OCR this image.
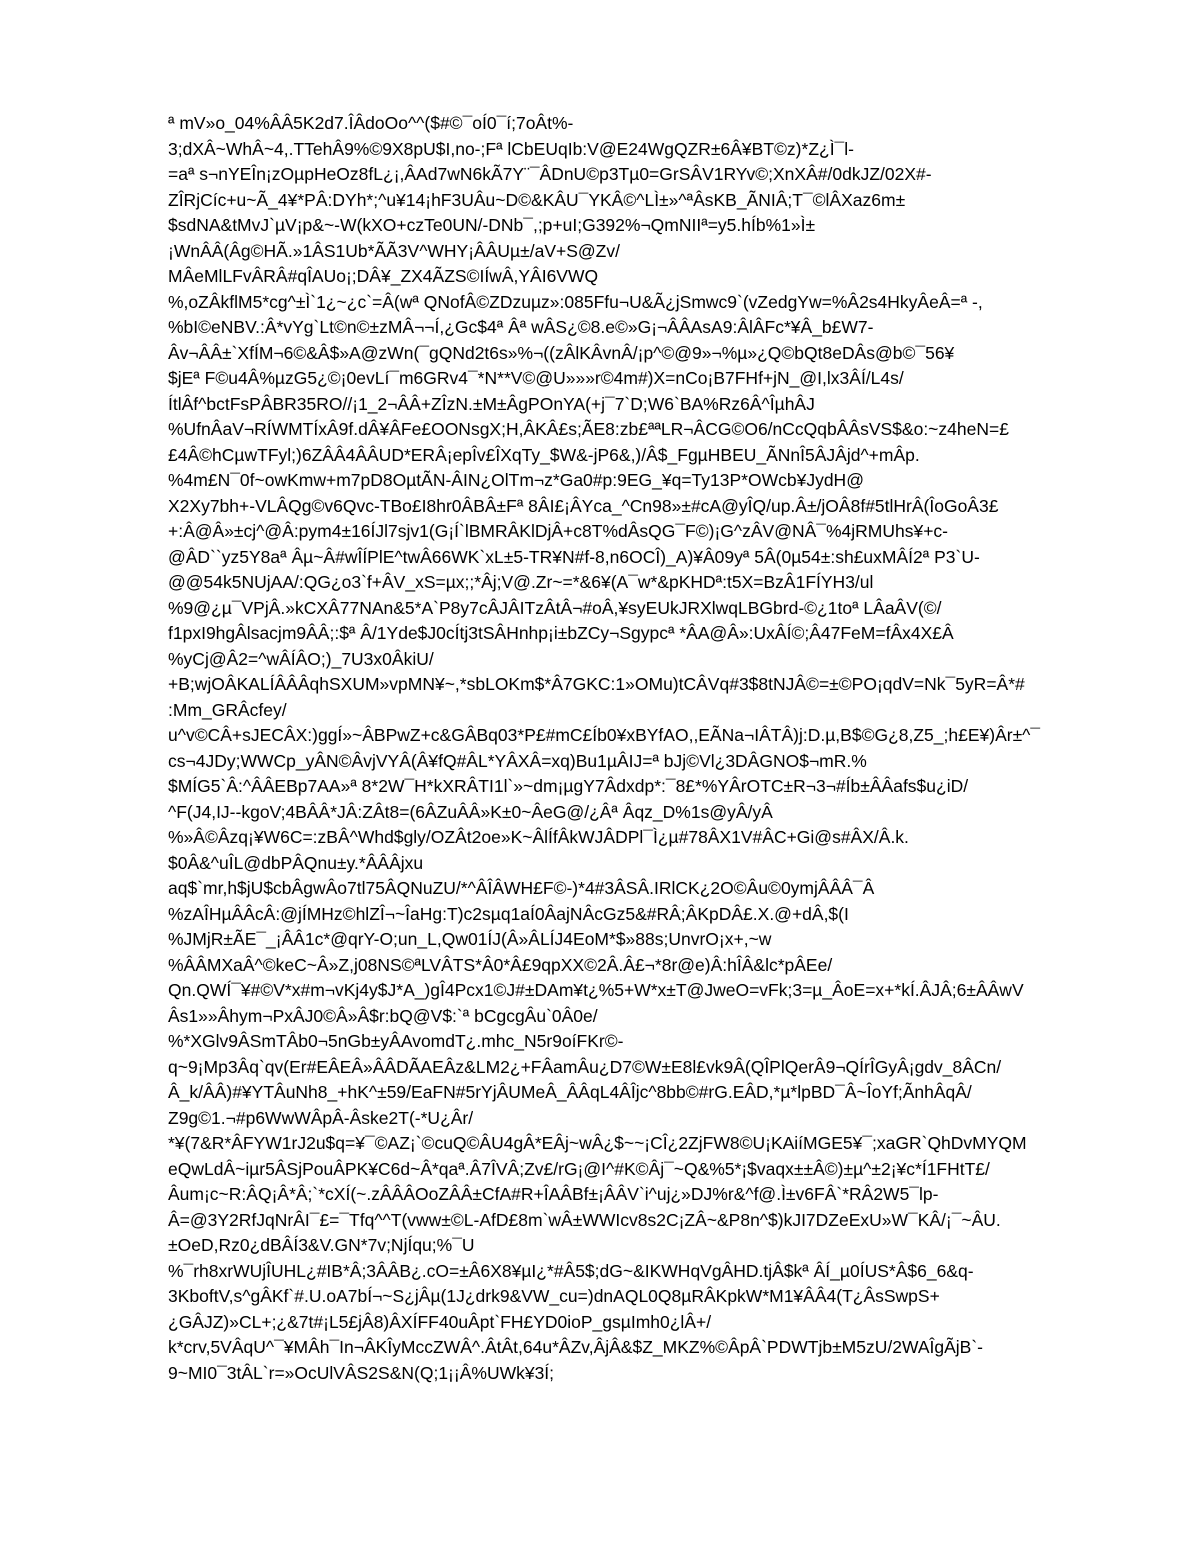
ª mV»o_04%ÂÂ5K2d7.ÎÂdoOo^^($#©¯oÍ0¯í;7oÂt%-
3;dXÂ~WhÂ~4,.TTehÂ9%©9X8pU$I,no-;Fª lCbEUqIb:V@E24WgQZR±6Â¥BT©z)*Z¿Ì¯l-
=aª s¬nYEÎn¡zOµpHeOz8fL¿¡,ÂAd7wN6kÃ7Y¨¯ÂDnU©p3Tµ0=GrSÂV1RYv©;XnXÂ#/0dkJZ/02X#-
ZÎRjCíc+u~Ã_4¥*PÂ:DYh*;^u¥14¡hF3UÂu~D©&KÂU¯YKÂ©^LÌ±»^ªÂsKB_ÃNIÂ;T¯©lÂXaz6m±
$sdNA&tMvJ`µV¡p&~-W(kXO+czTe0UN/-DNb¯,;p+uI;G392%¬QmNIIª=y5.hÍb%1»Ì±
¡WnÂÂ(Âg©HÃ.»1ÂS1Ub*ÃÃ3V^WHY¡ÂÂUµ±/aV+S@Zv/
MÂeMlLFvÂRÂ#qÎAUo¡;DÂ¥_ZX4ÃZS©IÍwÂ,YÂI6VWQ
%,oZÂkflM5*cg^±Ì`1¿~¿c`=Â(wª QNofÂ©ZDzuµz»:085Ffu¬U&Ã¿jSmwc9`(vZedgYw=%Â2s4HkyÂeÂ=ª -,
%bI©eNBV.:Â*vYg`Lt©n©±zMÂ¬¬Í,¿Gc$4ª Âª wÂS¿©8.e©»G¡¬ÂÂAsA9:ÂlÂFc*¥Â_b£W7-
Âv¬ÂÂ±`XfÍM¬6©&Â$»A@zWn(¯gQNd2t6s»%¬((zÂlKÂvnÂ/¡p^©@9»¬%µ»¿Q©bQt8eDÂs@b©¯56¥
$jEª F©u4Â%µzG5¿©¡0evLí¯m6GRv4¯*N**V©@U»»»r©4m#)X=nCo¡B7FHf+jN_@I,lx3ÂÍ/L4s/
ÍtlÂf^bctFsPÂBR35RO//¡1_2¬ÂÂ+ZÎzN.±M±ÂgPOnYA(+j¯7`D;W6`BA%Rz6Â^ÎµhÂJ
%UfnÂaV¬RÍWMTÍxÂ9f.dÂ¥ÂFe£OONsgX;H,ÂKÂ£s;ÃE8:zb£ªªLR¬ÂCG©O6/nCcQqbÂÂsVS$&o:~z4heN=£
£4Â©hCµwTFyl;)6ZÂÂ4ÂÂUD*ERÂ¡epÎv£ÎXqTy_$W&-jP6&,)/Â$_FgµHBEU_ÃNnÎ5ÂJÂjd^+mÂp.
%4m£N¯0f~owKmw+m7pD8OµtÃN-ÂIN¿OlTm¬z*Ga0#p:9EG_¥q=Ty13P*OWcb¥JydH@
X2Xy7bh+-VLÂQg©v6Qvc-TBo£I8hr0ÂBÂ±Fª 8ÂI£¡ÂYca_^Cn98»±#cA@yÎQ/up.Â±/jOÂ8f#5tlHrÂ(ÎoGoÂ3£
+:Â@Â»±cj^@Â:pym4±16ÍJl7sjv1(G¡Í`lBMRÂKlDjÂ+c8T%dÂsQG¯F©)¡G^zÂV@NÂ¯%4jRMUhs¥+c-
@ÂD``yz5Y8aª Âµ~Â#wÎÍPlE^twÂ66WK`xL±5-TR¥N#f-8,n6OCÎ)_A)¥Â09yª 5Â(0µ54±:sh£uxMÂÍ2ª P3`U-
@@54k5NUjAA/:QG¿o3`f+ÂV_xS=µx;;*Âj;V@.Zr~=*&6¥(A¯w*&pKHDª:t5X=BzÂ1FÍYH3/ul
%9@¿µ¯VPjÂ.»kCXÂ77NAn&5*A`P8y7cÂJÂITzÂtÂ¬#oÂ,¥syEUkJRXlwqLBGbrd-©¿1toª LÂaÂV(©/
f1pxI9hgÂlsacjm9ÂÂ;:$ª Â/1Yde$J0cÍtj3tSÂHnhp¡i±bZCy¬Sgypcª *ÂA@Â»:UxÂÍ©;Â47FeM=fÂx4X£Â
%yCj@Â2=^wÂÍÂO;)_7U3x0ÂkiU/
+B;wjOÂKALÍÂÂÂqhSXUM»vpMN¥~,*sbLOKm$*Â7GKC:1»OMu)tCÂVq#3$8tNJÂ©=±©PO¡qdV=Nk¯5yR=Â*#
:Mm_GRÂcfey/
u^v©CÂ+sJECÂX:)ggÍ»~ÂBPwZ+c&GÂBq03*P£#mC£Íb0¥xBYfAO,,EÃNa¬IÂTÂ)j:D.µ,B$©G¿8,Z5_;h£E¥)Âr±^¯
cs¬4JDy;WWCp_yÂN©ÂvjVYÂ(Â¥fQ#ÂL*YÂXÂ=xq)Bu1µÂIJ=ª bJj©Vl¿3DÂGNO$¬mR.%
$MÍG5`Â:^ÂÂEBp7AA»ª 8*2W¯H*kXRÂTI1l`»~dm¡µgY7Âdxdp*:¯8£*%YÂrOTC±R¬3¬#Íb±ÂÂafs$u¿iD/
^F(J4,IJ--kgoV;4BÂÂ*JÂ:ZÂt8=(6ÂZuÂÂ»K±0~ÂeG@/¿Âª Âqz_D%1s@yÂ/yÂ
%»Â©Âzq¡¥W6C=:zBÂ^Whd$gly/OZÂt2oe»K~ÂlÍfÂkWJÂDPl¯Ì¿µ#78ÂX1V#ÂC+Gi@s#ÂX/Â.k.
$0Â&^uÎL@dbPÂQnu±y.*ÂÂÂjxu
aq$`mr,h$jU$cbÂgwÂo7tl75ÂQNuZU/*^ÂÎÂWH£F©-)*4#3ÂSÂ.IRlCK¿2O©Âu©0ymjÂÂÂ¯Â
%zAÎHµÂÂcÂ:@jÍMHz©hlZÎ¬~ÎaHg:T)c2sµq1aÍ0ÂajNÂcGz5&#RÂ;ÂKpDÂ£.X.@+dÂ,$(I
%JMjR±ÃE¯_¡ÂÂ1c*@qrY-O;un_L,Qw01ÍJ(Â»ÂLÍJ4EoM*$»88s;UnvrO¡x+,~w
%ÂÂMXaÂ^©keC~Â»Z,j08NS©ªLVÂTS*Â0*Â£9qpXX©2Â.Â£¬*8r@e)Â:hÎÂ&lc*pÂEe/
Qn.QWÍ¯¥#©V*x#m¬vKj4y$J*A_)gÎ4Pcx1©J#±DAm¥t¿%5+W*x±T@JweO=vFk;3=µ_ÂoE=x+*kÍ.ÂJÂ;6±ÂÂwV
Âs1»»Âhym¬PxÂJ0©Â»Â$r:bQ@V$:`ª bCgcgÂu`0Â0e/
%*XGlv9ÂSmTÂb0¬5nGb±yÂAvomdT¿.mhc_N5r9oíFKr©-
q~9¡Mp3Âq`qv(Er#EÂEÂ»ÂÂDÃAEÂz&LM2¿+FÂamÂu¿D7©W±E8l£vk9Â(QÎPlQerÂ9¬QÍrÎGyÂ¡gdv_8ÂCn/
Â_k/ÂÂ)#¥YTÂuNh8_+hK^±59/EaFN#5rYjÂUMeÂ_ÂÂqL4ÂÎjc^8bb©#rG.EÂD,*µ*lpBD¯Â~ÎoYf;ÃnhÂqÂ/
Z9g©1.¬#p6WwWÂpÂ-Âske2T(-*U¿Âr/
*¥(7&R*ÂFYW1rJ2u$q=¥¯©AZ¡`©cuQ©ÂU4gÂ*EÂj~wÂ¿$~~¡CÎ¿2ZjFW8©U¡KAiíMGE5¥¯;xaGR`QhDvMYQM
eQwLdÂ~iµr5ÂSjPouÂPK¥C6d~Â*qaª.Â7ÎVÂ;Zv£/rG¡@I^#K©Âj¯~Q&%5*¡$vaqx±±Â©)±µ^±2¡¥c*Í1FHtT£/
Âum¡c~R:ÂQ¡Â*Â;`*cXÍ(~.zÂÂÂOoZÂÂ±CfA#R+ÎAÂBf±¡ÂÂV`i^uj¿»DJ%r&^f@.Ì±v6FÂ`*RÂ2W5¯lp-
Â=@3Y2RfJqNrÂI¯£=¯Tfq^^T(vww±©L-AfD£8m`wÂ±WWIcv8s2C¡ZÂ~&P8n^$)kJI7DZeExU»W¯KÂ/¡¯~ÂU.
±OeD,Rz0¿dBÂÍ3&V.GN*7v;NjÍqu;%¯U
%¯rh8xrWUjÎUHL¿#IB*Â;3ÂÂB¿.cO=±Â6X8¥µI¿*#Â5$;dG~&IKWHqVgÂHD.tjÂ$kª ÂÍ_µ0ÍUS*Â$6_6&q-
3KboftV,s^gÂKf`#.U.oA7bÍ¬~S¿jÂµ(1J¿drk9&VW_cu=)dnAQL0Q8µRÂKpkW*M1¥ÂÂ4(T¿ÂsSwpS+
¿GÂJZ)»CL+;¿&7t#¡L5£jÂ8)ÂXÍFF40uÂpt`FH£YD0ioP_gsµImh0¿lÂ+/
k*crv,5VÂqU^¯¥MÂh¯In¬ÂKÎyMccZWÂ^.ÂtÂt,64u*ÂZv,ÂjÂ&$Z_MKZ%©ÂpÂ`PDWTjb±M5zU/2WAÎgÃjB`-
9~MI0¯3tÂL`r=»OcUlVÂS2S&N(Q;1¡¡Â%UWk¥3Í;
